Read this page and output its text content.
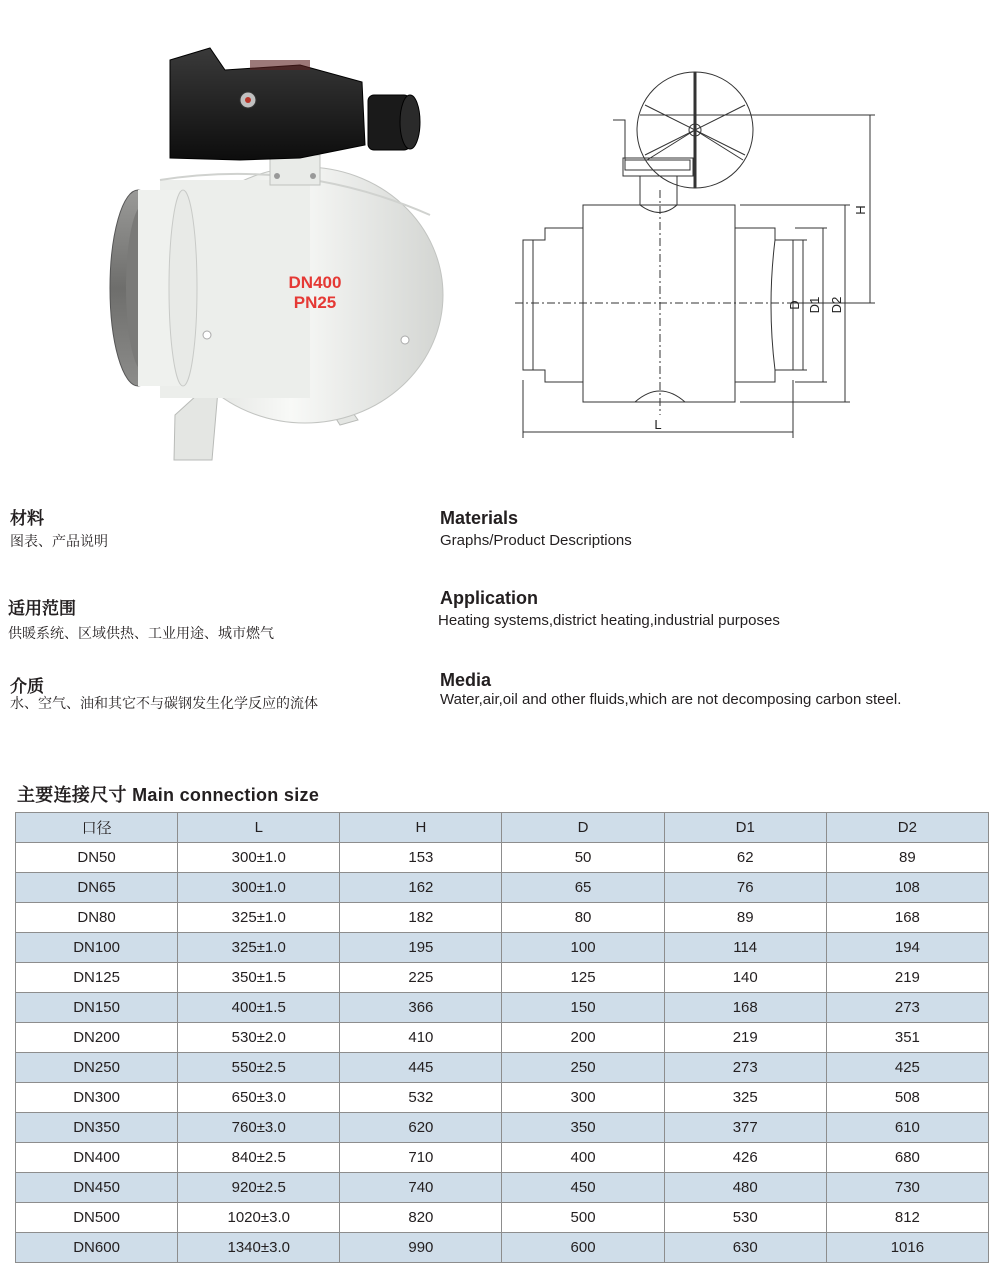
DN400
PN25
H
D D1 D2
L
材料
图表、产品说明
Materials
Graphs/Product Descriptions
适用范围
供暖系统、区域供热、工业用途、城市燃气
Application
Heating systems,district heating,industrial purposes
介质
水、空气、油和其它不与碳钢发生化学反应的流体
Media
Water,air,oil and other fluids,which are not decomposing carbon steel.
主要连接尺寸 Main connection size
口径	L	H	D	D1	D2
DN50	300±1.0	153	50	62	89
DN65	300±1.0	162	65	76	108
DN80	325±1.0	182	80	89	168
DN100	325±1.0	195	100	114	194
DN125	350±1.5	225	125	140	219
DN150	400±1.5	366	150	168	273
DN200	530±2.0	410	200	219	351
DN250	550±2.5	445	250	273	425
DN300	650±3.0	532	300	325	508
DN350	760±3.0	620	350	377	610
DN400	840±2.5	710	400	426	680
DN450	920±2.5	740	450	480	730
DN500	1020±3.0	820	500	530	812
DN600	1340±3.0	990	600	630	1016
